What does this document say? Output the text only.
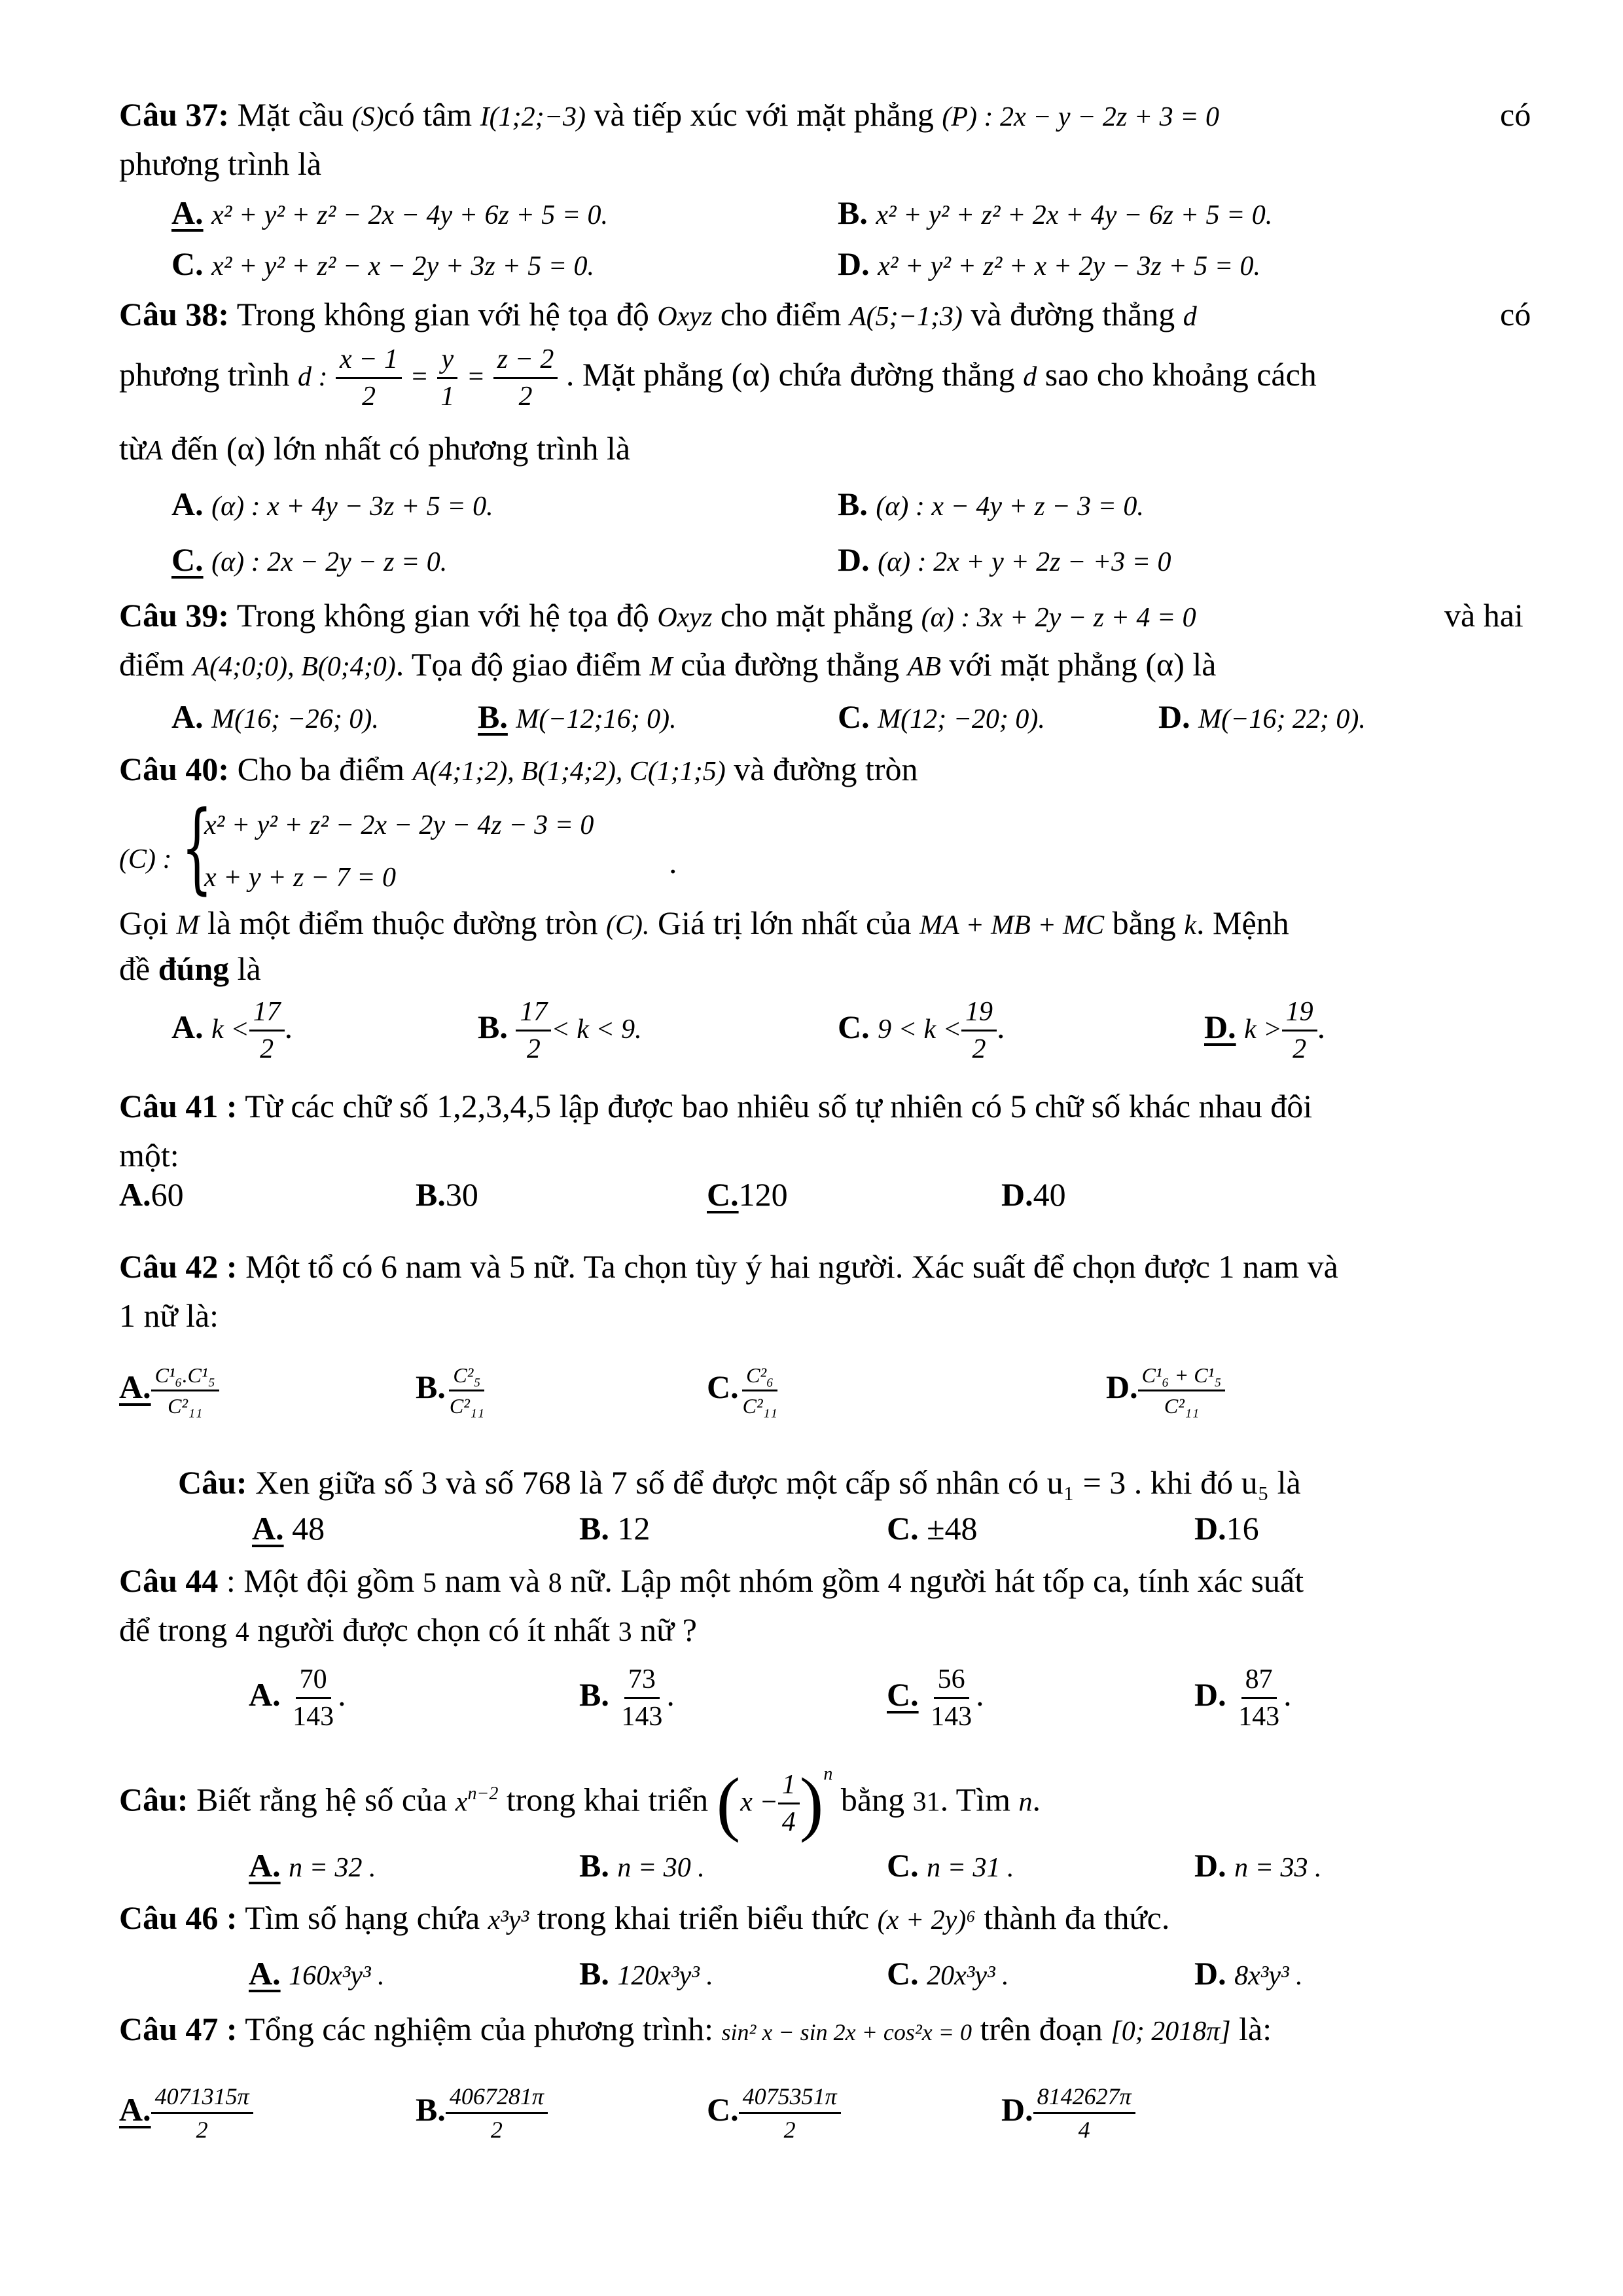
Câu 37: Mặt cầu (S)có tâm I(1;2;−3) và tiếp xúc với mặt phẳng (P) : 2x − y − 2z + 3 = 0	có
phương trình là
A. x² + y² + z² − 2x − 4y + 6z + 5 = 0.	B. x² + y² + z² + 2x + 4y − 6z + 5 = 0.
C. x² + y² + z² − x − 2y + 3z + 5 = 0.	D. x² + y² + z² + x + 2y − 3z + 5 = 0.
Câu 38: Trong không gian với hệ tọa độ Oxyz cho điểm A(5;−1;3) và đường thẳng d	có
phương trình d : $\frac{x - 1}{2} = \frac{y}{1} = \frac{z - 2}{2}$ . Mặt phẳng (α) chứa đường thẳng d sao cho khoảng cách
từA đến (α) lớn nhất có phương trình là
A. (α) : x + 4y − 3z + 5 = 0.	B. (α) : x − 4y + z − 3 = 0.
C. (α) : 2x − 2y − z = 0.	D. (α) : 2x + y + 2z − +3 = 0
Câu 39: Trong không gian với hệ tọa độ Oxyz cho mặt phẳng (α) : 3x + 2y − z + 4 = 0	và hai
điểm A(4;0;0), B(0;4;0). Tọa độ giao điểm M của đường thẳng AB với mặt phẳng (α) là
A. M(16; −26; 0).	B. M(−12;16; 0).	C. M(12; −20; 0).	D. M(−16; 22; 0).
Câu 40: Cho ba điểm A(4;1;2), B(1;4;2), C(1;1;5) và đường tròn
(C) : {
x² + y² + z² − 2x − 2y − 4z − 3 = 0
x + y + z − 7 = 0	.
Gọi M là một điểm thuộc đường tròn (C). Giá trị lớn nhất của MA + MB + MC bằng k. Mệnh
đề đúng là
A. $k < \frac{17}{2}$ .	B. $\frac{17}{2} < k < 9$.	C. $9 < k < \frac{19}{2}$ .	D. $k > \frac{19}{2}$ .
Câu 41 : Từ các chữ số 1,2,3,4,5 lập được bao nhiêu số tự nhiên có 5 chữ số khác nhau đôi
một:
A.60	B.30	C.120	D.40
Câu 42 : Một tổ có 6 nam và 5 nữ. Ta chọn tùy ý hai người. Xác suất để chọn được 1 nam và
1 nữ là:
A. $\frac{\text{C¹₆.C¹₅}}{\text{C²₁₁}}$	B. $\frac{\text{C²₅}}{\text{C²₁₁}}$	C. $\frac{\text{C²₆}}{\text{C²₁₁}}$	D. $\frac{\text{C¹₆ + C¹₅}}{\text{C²₁₁}}$
Câu: Xen giữa số 3 và số 768 là 7 số để được một cấp số nhân có u₁ = 3 . khi đó u₅ là
A. 48	B. 12	C. ±48	D.16
Câu 44 : Một đội gồm 5 nam và 8 nữ. Lập một nhóm gồm 4 người hát tốp ca, tính xác suất
để trong 4 người được chọn có ít nhất 3 nữ ?
A. $\frac{70}{143}$ .	B. $\frac{73}{143}$ .	C. $\frac{56}{143}$ .	D. $\frac{87}{143}$ .
Câu: Biết rằng hệ số của $x^{n-2}$ trong khai triển $(x - \frac{1}{4} )^n$ bằng 31. Tìm n.
A. n = 32 .	B. n = 30 .	C. n = 31 .	D. n = 33 .
Câu 46 : Tìm số hạng chứa x³y³ trong khai triển biểu thức (x + 2y)⁶ thành đa thức.
A. 160x³y³ .	B. 120x³y³ .	C. 20x³y³ .	D. 8x³y³ .
Câu 47 : Tổng các nghiệm của phương trình: sin² x − sin 2x + cos²x = 0 trên đoạn [0; 2018π] là:
A. $\frac{4071315\pi}{2}$	B. $\frac{4067281\pi}{2}$	C. $\frac{4075351\pi}{2}$	D. $\frac{8142627\pi}{4}$
